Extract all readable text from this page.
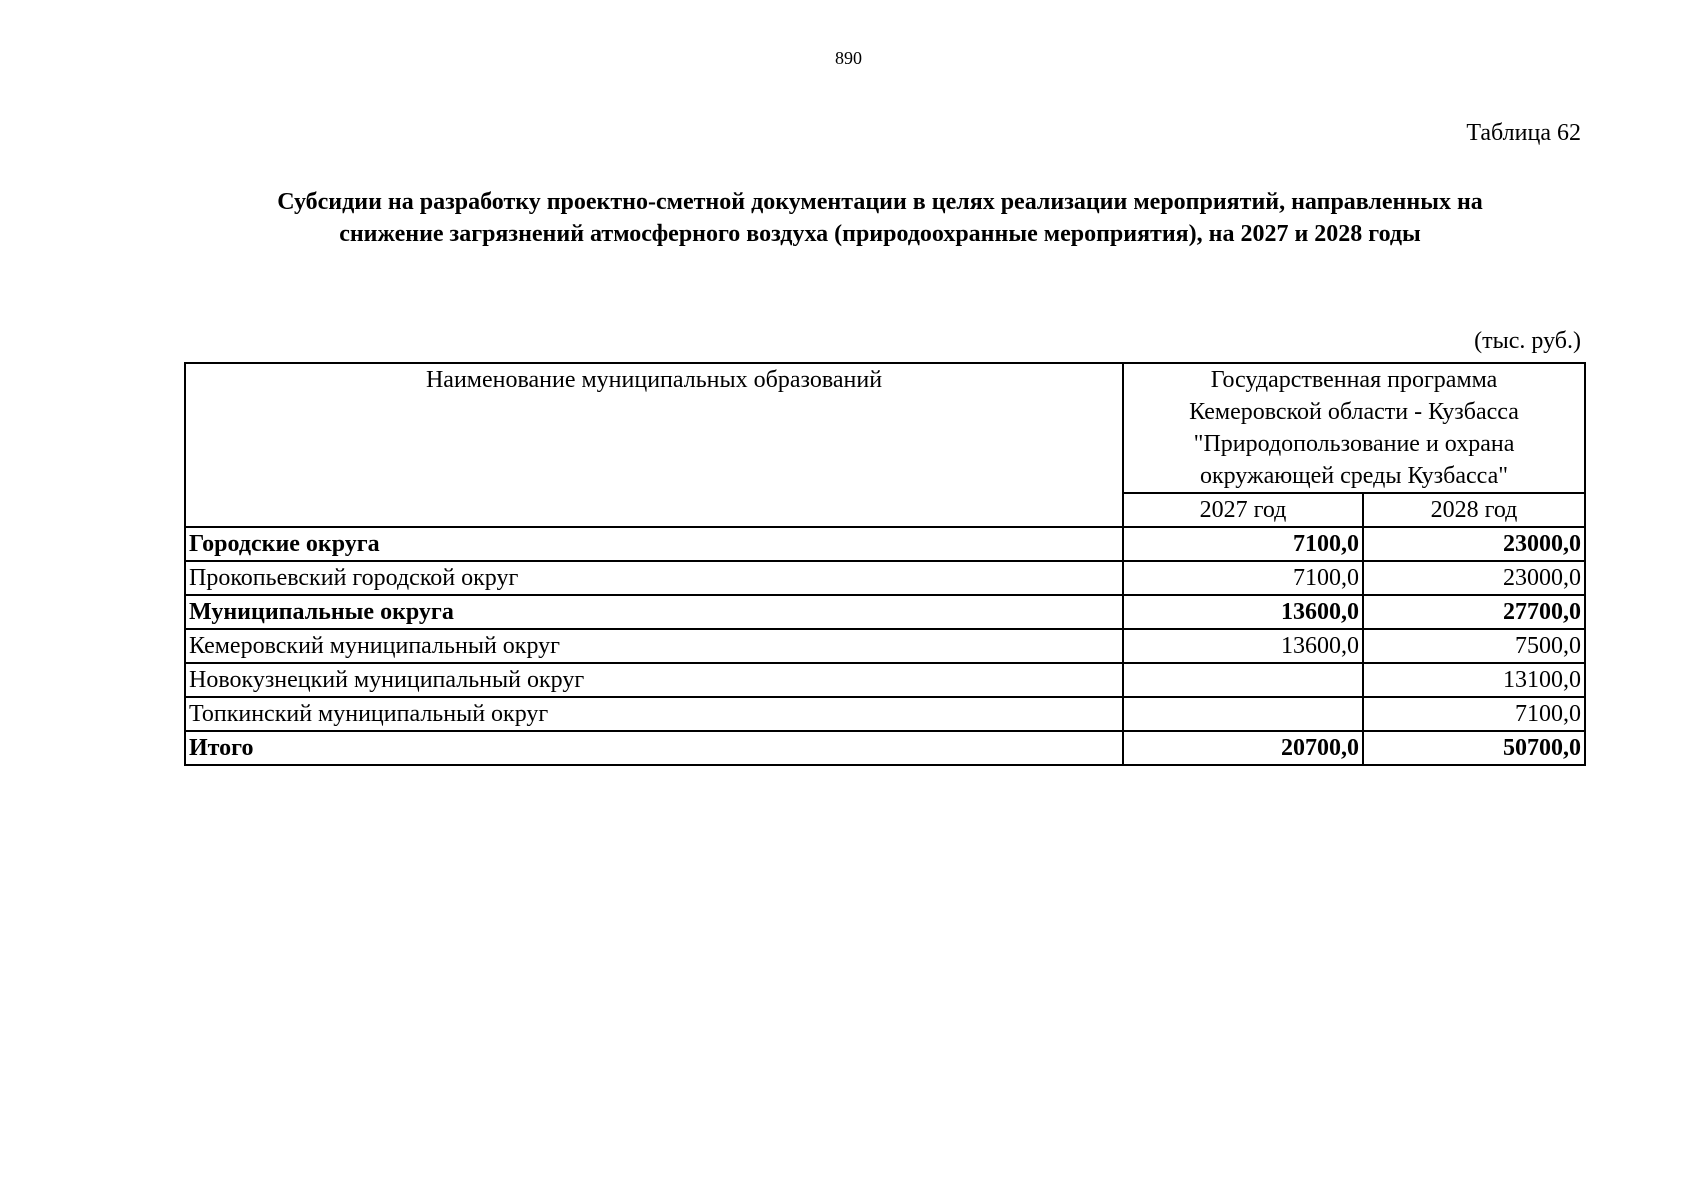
890
Таблица 62
Субсидии на разработку проектно-сметной документации в целях реализации мероприятий, направленных на
снижение загрязнений атмосферного воздуха (природоохранные мероприятия), на 2027 и 2028 годы
(тыс. руб.)
Наименование муниципальных образований	Государственная программа
Кемеровской области - Кузбасса
"Природопользование и охрана
окружающей среды Кузбасса"	

	2027 год	2028 год
Городские округа	7100,0	23000,0
Прокопьевский городской округ	7100,0	23000,0
Муниципальные округа	13600,0	27700,0
Кемеровский муниципальный округ	13600,0	7500,0
Новокузнецкий муниципальный округ		13100,0
Топкинский муниципальный округ		7100,0
Итого	20700,0	50700,0
